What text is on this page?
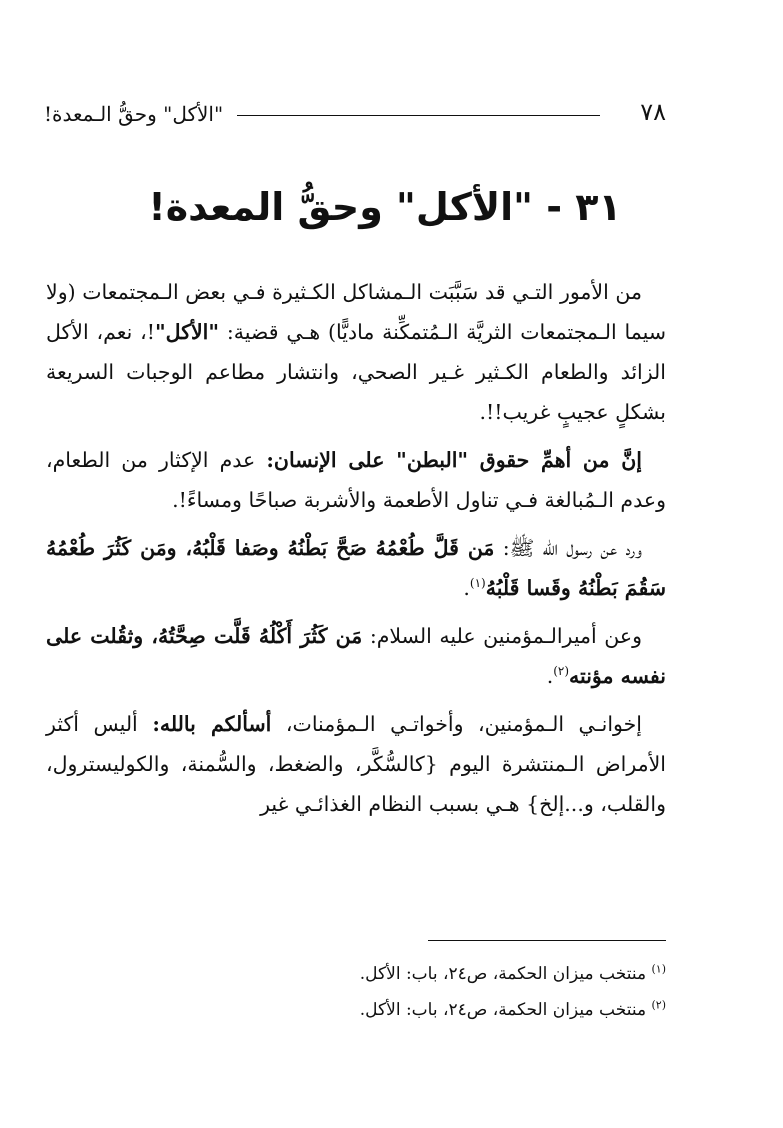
٧٨
"الأكل" وحقُّ الـمعدة!
٣١ - "الأكل" وحقُّ المعدة!

من الأمور التـي قد سَبَّبَت الـمشاكل الكـثيرة فـي بعض الـمجتمعات (ولا سيما الـمجتمعات الثريَّة الـمُتمكِّنة ماديًّا) هـي قضية: "الأكل"!، نعم، الأكل الزائد والطعام الكـثير غـير الصحي، وانتشار مطاعم الوجبات السريعة بشكلٍ عجيبٍ غريب!!.

إنَّ من أهمِّ حقوق "البطن" على الإنسان: عدم الإكثار من الطعام، وعدم الـمُبالغة فـي تناول الأطعمة والأشربة صباحًا ومساءً!.

ورد عن رسول الله ﷺ: مَن قَلَّ طُعْمُهُ صَحَّ بَطْنُهُ وصَفا قَلْبُهُ، ومَن كَثُرَ طُعْمُهُ سَقُمَ بَطْنُهُ وقَسا قَلْبُهُ$^{(١)}$.

وعن أميرالـمؤمنين عليه السلام: مَن كَثُرَ أَكْلُهُ قَلَّت صِحَّتُهُ، وثقُلت على نفسه مؤنته$^{(٢)}$.

إخوانـي الـمؤمنين، وأخواتـي الـمؤمنات، أسألكم بالله: أليس أكثر الأمراض الـمنتشرة اليوم {كالسُّكَّر، والضغط، والسُّمنة، والكوليسترول، والقلب، و...إلخ} هـي بسبب النظام الغذائـي غير

$^{(١)}$ منتخب ميزان الحكمة، ص٢٤، باب: الأكل.

$^{(٢)}$ منتخب ميزان الحكمة، ص٢٤، باب: الأكل.
